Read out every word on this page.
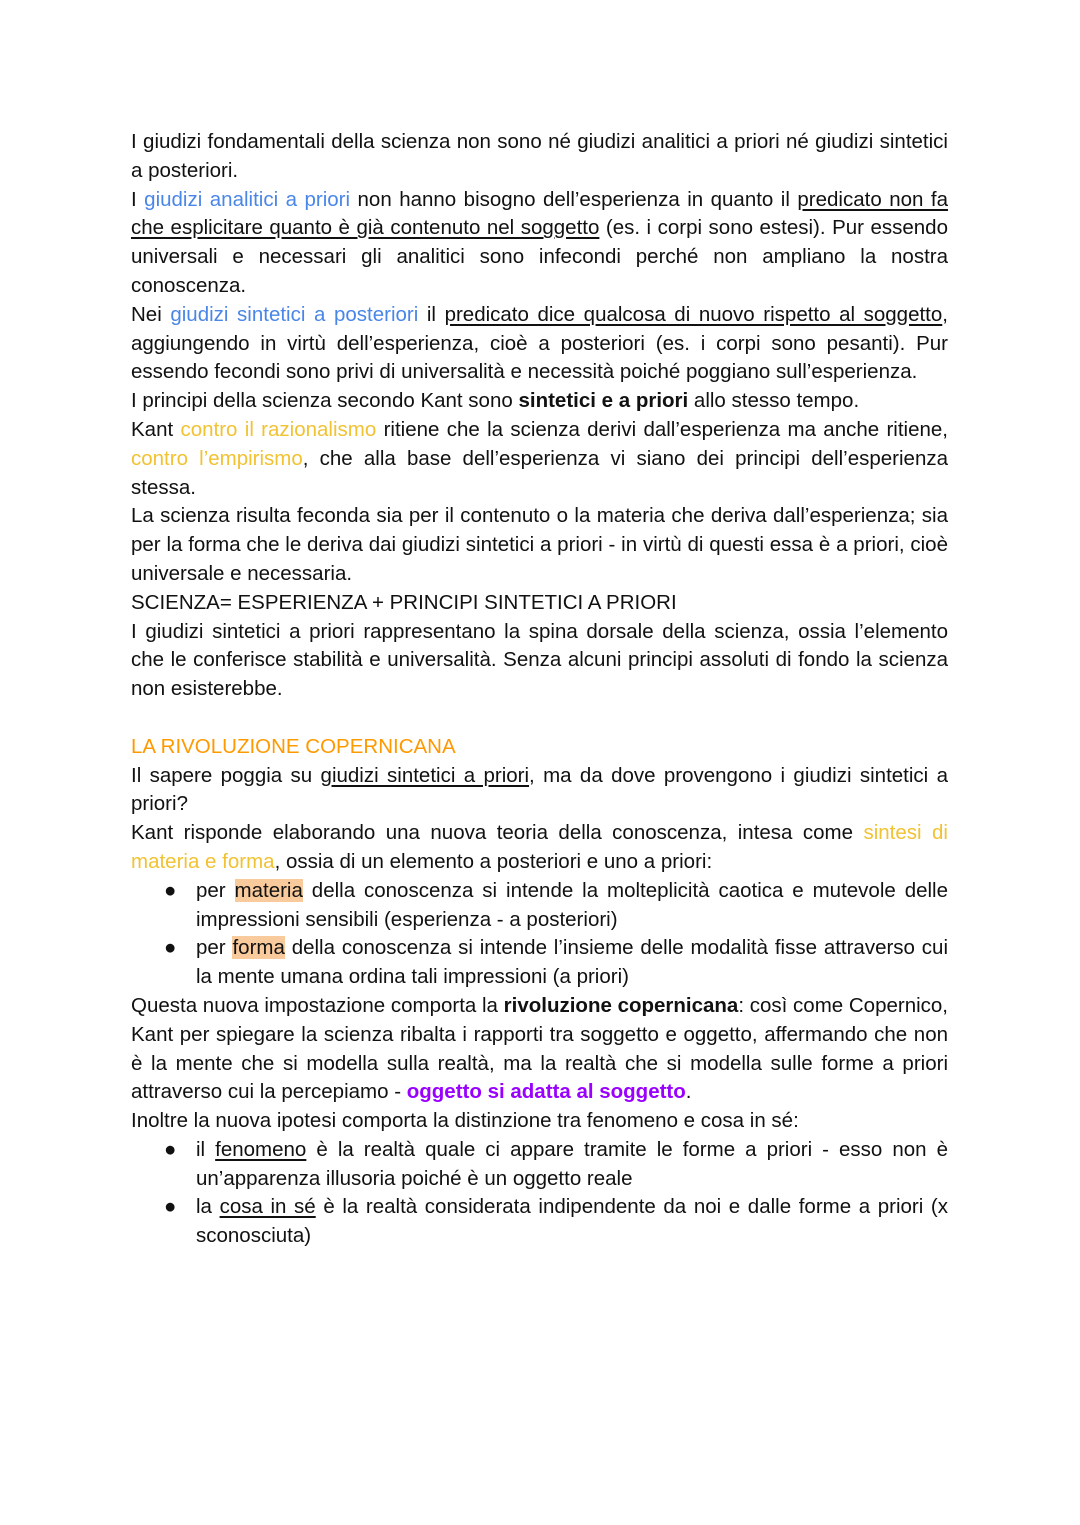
I giudizi fondamentali della scienza non sono né giudizi analitici a priori né giudizi sintetici a posteriori.

I giudizi analitici a priori non hanno bisogno dell’esperienza in quanto il predicato non fa che esplicitare quanto è già contenuto nel soggetto (es. i corpi sono estesi). Pur essendo universali e necessari gli analitici sono infecondi perché non ampliano la nostra conoscenza.

Nei giudizi sintetici a posteriori il predicato dice qualcosa di nuovo rispetto al soggetto, aggiungendo in virtù dell’esperienza, cioè a posteriori (es. i corpi sono pesanti). Pur essendo fecondi sono privi di universalità e necessità poiché poggiano sull’esperienza.

I principi della scienza secondo Kant sono sintetici e a priori allo stesso tempo.

Kant contro il razionalismo ritiene che la scienza derivi dall’esperienza ma anche ritiene, contro l’empirismo, che alla base dell’esperienza vi siano dei principi dell’esperienza stessa.

La scienza risulta feconda sia per il contenuto o la materia che deriva dall’esperienza; sia per la forma che le deriva dai giudizi sintetici a priori - in virtù di questi essa è a priori, cioè universale e necessaria.

SCIENZA= ESPERIENZA + PRINCIPI SINTETICI A PRIORI

I giudizi sintetici a priori rappresentano la spina dorsale della scienza, ossia l’elemento che le conferisce stabilità e universalità. Senza alcuni principi assoluti di fondo la scienza non esisterebbe.

LA RIVOLUZIONE COPERNICANA

Il sapere poggia su giudizi sintetici a priori, ma da dove provengono i giudizi sintetici a priori?

Kant risponde elaborando una nuova teoria della conoscenza, intesa come sintesi di materia e forma, ossia di un elemento a posteriori e uno a priori:

● per materia della conoscenza si intende la molteplicità caotica e mutevole delle impressioni sensibili (esperienza - a posteriori)
● per forma della conoscenza si intende l’insieme delle modalità fisse attraverso cui la mente umana ordina tali impressioni (a priori)

Questa nuova impostazione comporta la rivoluzione copernicana: così come Copernico, Kant per spiegare la scienza ribalta i rapporti tra soggetto e oggetto, affermando che non è la mente che si modella sulla realtà, ma la realtà che si modella sulle forme a priori attraverso cui la percepiamo - oggetto si adatta al soggetto.

Inoltre la nuova ipotesi comporta la distinzione tra fenomeno e cosa in sé:

● il fenomeno è la realtà quale ci appare tramite le forme a priori - esso non è un’apparenza illusoria poiché è un oggetto reale
● la cosa in sé è la realtà considerata indipendente da noi e dalle forme a priori (x sconosciuta)
